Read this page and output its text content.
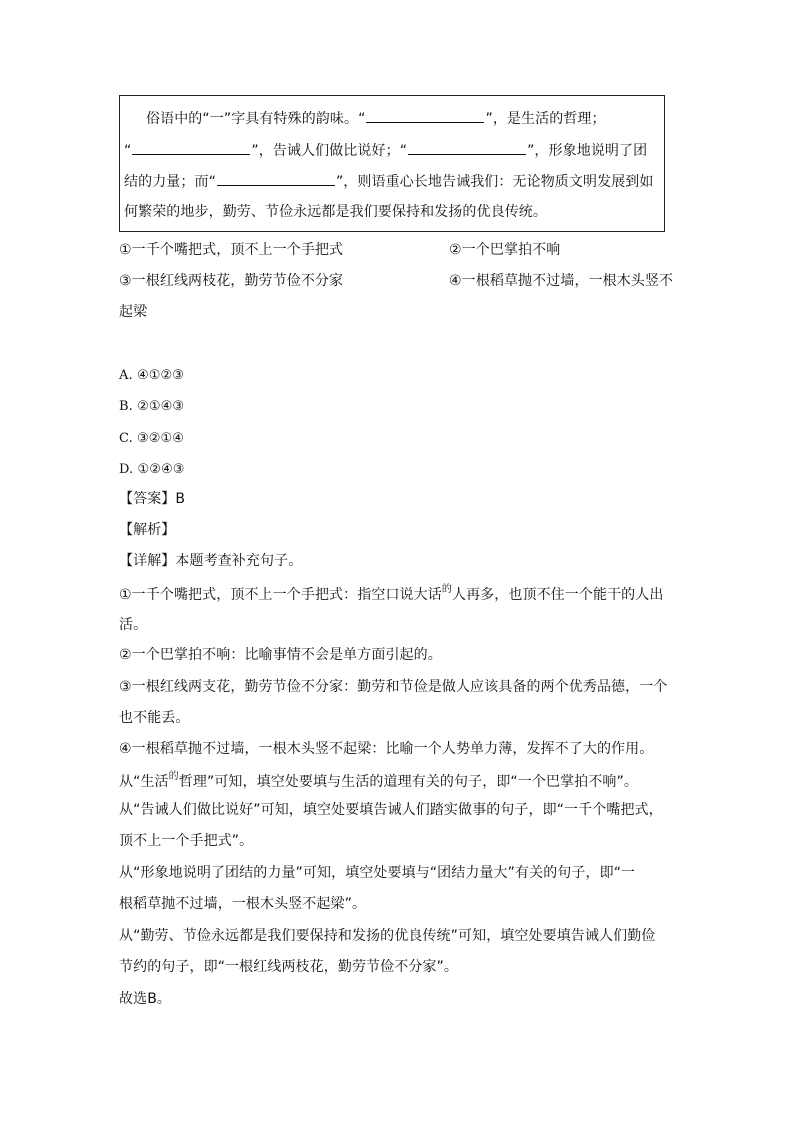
俗语中的“一”字具有特殊的韵味。“	”，是生活的哲理；
“	”，告诫人们做比说好；“	”，形象地说明了团
结的力量；而“	”，则语重心长地告诫我们：无论物质文明发展到如
何繁荣的地步，勤劳、节俭永远都是我们要保持和发扬的优良传统。
①一千个嘴把式，顶不上一个手把式	②一个巴掌拍不响
③一根红线两枝花，勤劳节俭不分家	④一根稻草抛不过墙，一根木头竖不
起梁
A. ④①②③
B. ②①④③
C. ③②①④
D. ①②④③
【答案】B
【解析】
【详解】本题考查补充句子。
①一千个嘴把式，顶不上一个手把式：指空口说大话$^的$人再多，也顶不住一个能干的人出
活。
②一个巴掌拍不响：比喻事情不会是单方面引起的。
③一根红线两支花，勤劳节俭不分家：勤劳和节俭是做人应该具备的两个优秀品德，一个
也不能丢。
④一根稻草抛不过墙，一根木头竖不起梁：比喻一个人势单力薄，发挥不了大的作用。
从“生活$^的$哲理”可知，填空处要填与生活的道理有关的句子，即“一个巴掌拍不响”。
从“告诫人们做比说好”可知，填空处要填告诫人们踏实做事的句子，即“一千个嘴把式，
顶不上一个手把式”。
从“形象地说明了团结的力量”可知，填空处要填与“团结力量大”有关的句子，即“一
根稻草抛不过墙，一根木头竖不起梁”。
从“勤劳、节俭永远都是我们要保持和发扬的优良传统”可知，填空处要填告诫人们勤俭
节约的句子，即“一根红线两枝花，勤劳节俭不分家”。
故选B。
